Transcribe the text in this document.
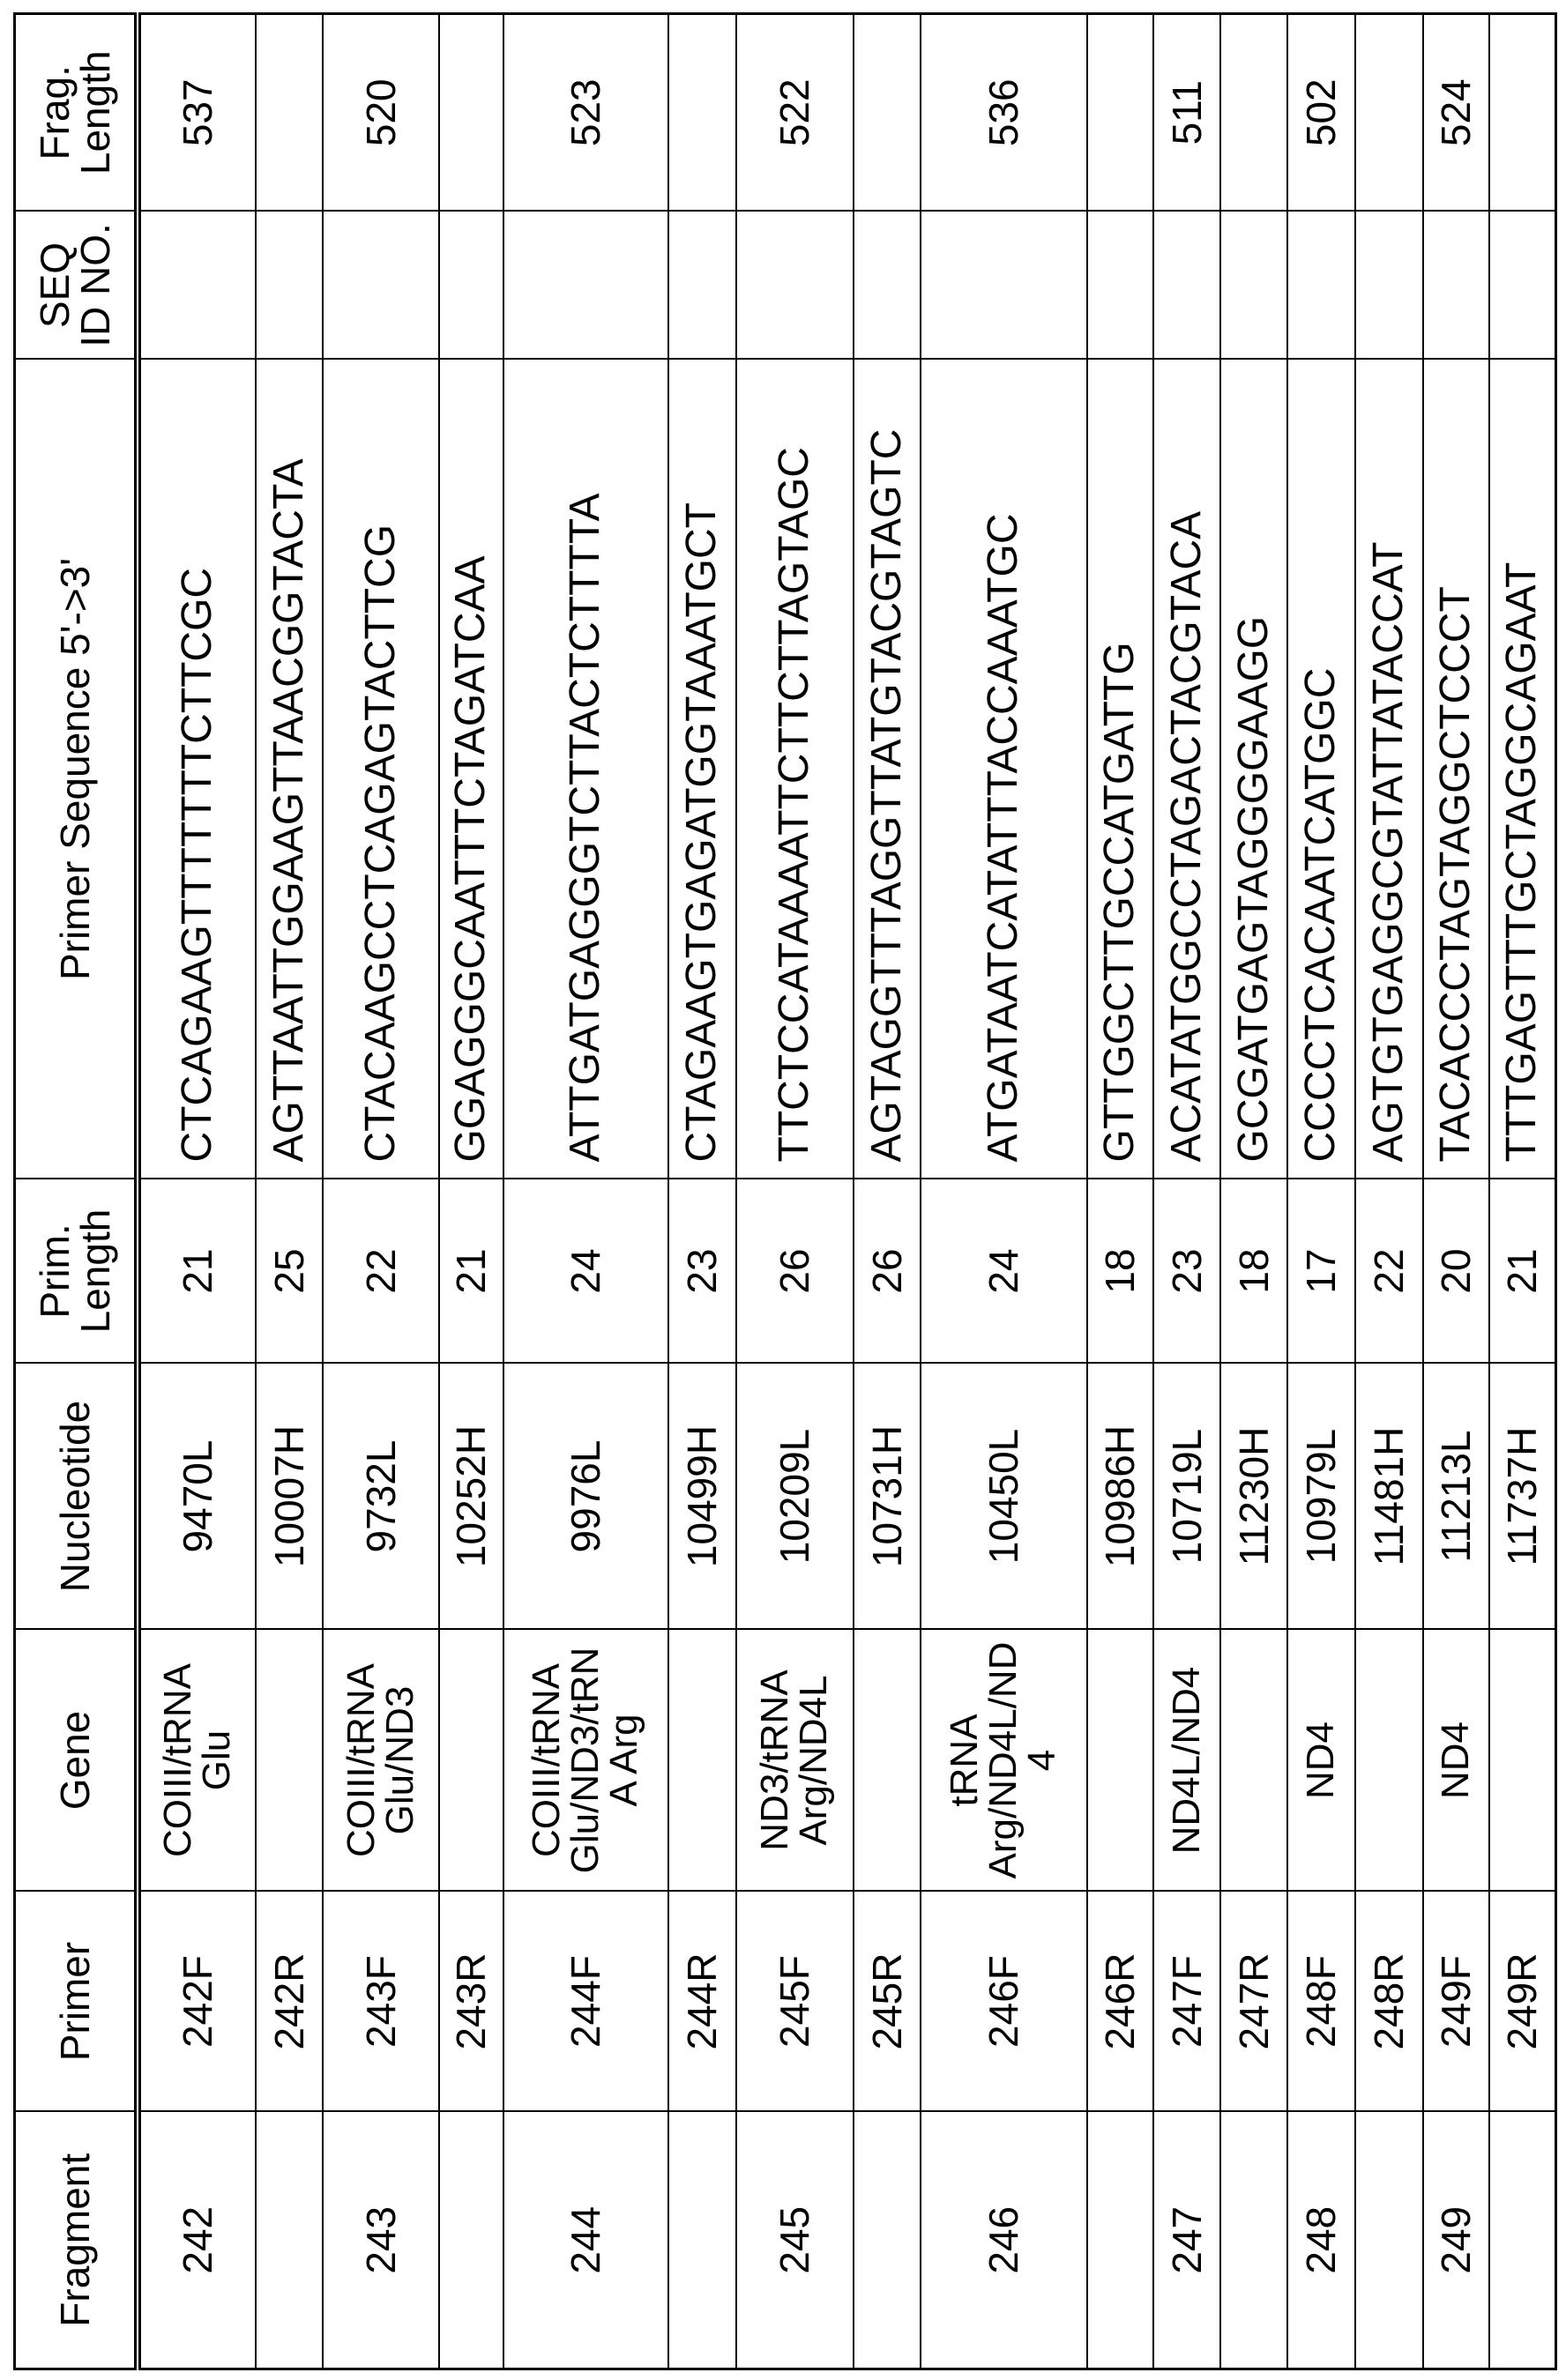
Fragment	Primer	Gene	Nucleotide	Prim.
Length	Primer Sequence 5'->3'	SEQ
ID NO.	Frag.
Length
242	242F	COIII/tRNA
Glu	9470L	21	CTCAGAAGTTTTTTTCTTCGC		537
	242R		10007H	25	AGTTAATTGGAAGTTAACGGTACTA		
243	243F	COIII/tRNA
Glu/ND3	9732L	22	CTACAAGCCTCAGAGTACTTCG		520
	243R		10252H	21	GGAGGGCAATTTCTAGATCAA		
244	244F	COIII/tRNA
Glu/ND3/tRN
A Arg	9976L	24	ATTGATGAGGGTCTTACTCTTTTA		523
	244R		10499H	23	CTAGAAGTGAGATGGTAAATGCT		
245	245F	ND3/tRNA
Arg/ND4L	10209L	26	TTCTCCATAAAATTCTTCTTAGTAGC		522
	245R		10731H	26	AGTAGGTTTAGGTTATGTACGTAGTC		
246	246F	tRNA
Arg/ND4L/ND
4	10450L	24	ATGATAATCATATTTACCAAATGC		536
	246R		10986H	18	GTTGGCTTGCCATGATTG		
247	247F	ND4L/ND4	10719L	23	ACATATGGCCTAGACTACGTACA		511
	247R		11230H	18	GCGATGAGTAGGGGAAGG		
248	248F	ND4	10979L	17	CCCCTCACAATCATGGC		502
	248R		11481H	22	AGTGTGAGGCGTATTATACCAT		
249	249F	ND4	11213L	20	TACACCCTAGTAGGCTCCCT		524
	249R		11737H	21	TTTGAGTTTGCTAGGCAGAAT		
